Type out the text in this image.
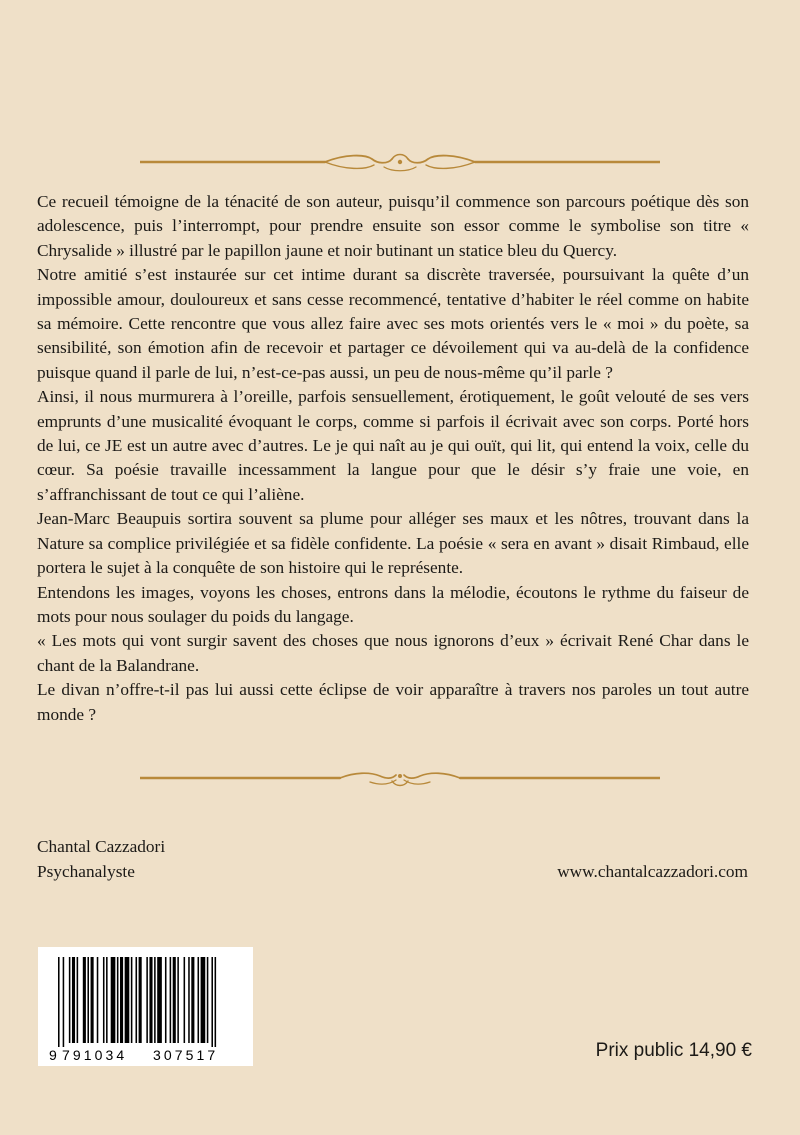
Ce recueil témoigne de la ténacité de son auteur, puisqu’il commence son parcours poétique dès son adolescence, puis l’interrompt, pour prendre ensuite son essor comme le symbolise son titre « Chrysalide » illustré par le papillon jaune et noir butinant un statice bleu du Quercy.

Notre amitié s’est instaurée sur cet intime durant sa discrète traversée, poursuivant la quête d’un impossible amour, douloureux et sans cesse recommencé, tentative d’habiter le réel comme on habite sa mémoire. Cette rencontre que vous allez faire avec ses mots orientés vers le « moi » du poète, sa sensibilité, son émotion afin de recevoir et partager ce dévoilement qui va au-delà de la confidence puisque quand il parle de lui, n’est-ce-pas aussi, un peu de nous-même qu’il parle ?

Ainsi, il nous murmurera à l’oreille, parfois sensuellement, érotiquement, le goût velouté de ses vers emprunts d’une musicalité évoquant le corps, comme si parfois il écrivait avec son corps. Porté hors de lui, ce JE est un autre avec d’autres. Le je qui naît au je qui ouït, qui lit, qui entend la voix, celle du cœur. Sa poésie travaille incessamment la langue pour que le désir s’y fraie une voie, en s’affranchissant de tout ce qui l’aliène.

Jean-Marc Beaupuis sortira souvent sa plume pour alléger ses maux et les nôtres, trouvant dans la Nature sa complice privilégiée et sa fidèle confidente. La poésie « sera en avant » disait Rimbaud, elle portera le sujet à la conquête de son histoire qui le représente.

Entendons les images, voyons les choses, entrons dans la mélodie, écoutons le rythme du faiseur de mots pour nous soulager du poids du langage.

« Les mots qui vont surgir savent des choses que nous ignorons d’eux » écrivait René Char dans le chant de la Balandrane.

Le divan n’offre-t-il pas lui aussi cette éclipse de voir apparaître à travers nos paroles un tout autre monde ?

Chantal Cazzadori
Psychanalyste	www.chantalcazzadori.com
9 791034 307517	Prix public 14,90 €
